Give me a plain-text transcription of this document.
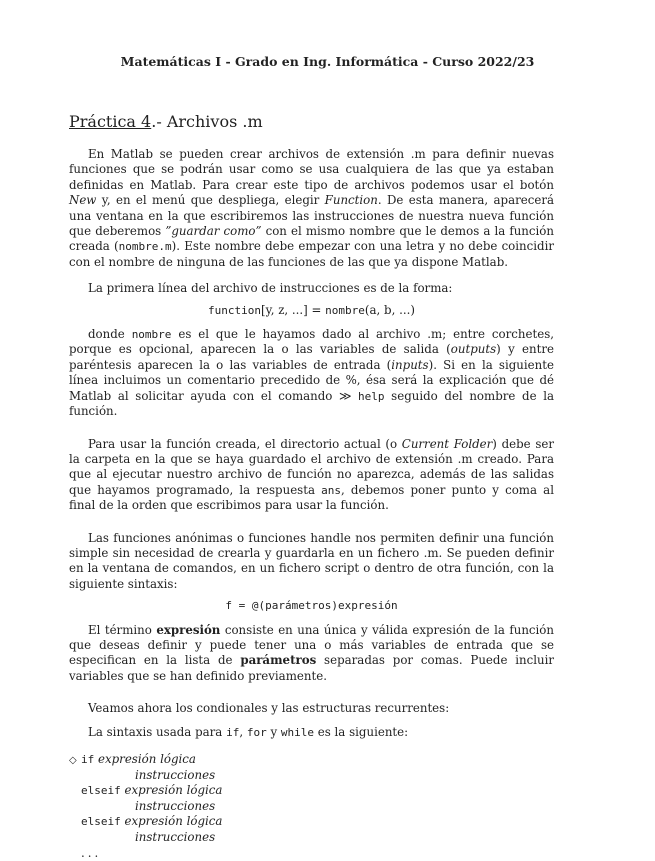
Matemáticas I - Grado en Ing. Informática - Curso 2022/23
Práctica 4.- Archivos .m

En Matlab se pueden crear archivos de extensión .m para definir nuevas funciones que se podrán usar como se usa cualquiera de las que ya estaban definidas en Matlab. Para crear este tipo de archivos podemos usar el botón New y, en el menú que despliega, elegir Function. De esta manera, aparecerá una ventana en la que escribiremos las instrucciones de nuestra nueva función que deberemos ”guardar como” con el mismo nombre que le demos a la función creada (nombre.m). Este nombre debe empezar con una letra y no debe coincidir con el nombre de ninguna de las funciones de las que ya dispone Matlab.

La primera línea del archivo de instrucciones es de la forma:

function[y, z, ...] = nombre(a, b, ...)

donde nombre es el que le hayamos dado al archivo .m; entre corchetes, porque es opcional, aparecen la o las variables de salida (outputs) y entre paréntesis aparecen la o las variables de entrada (inputs). Si en la siguiente línea incluimos un comentario precedido de %, ésa será la explicación que dé Matlab al solicitar ayuda con el comando ≫ help seguido del nombre de la función.

Para usar la función creada, el directorio actual (o Current Folder) debe ser la carpeta en la que se haya guardado el archivo de extensión .m creado. Para que al ejecutar nuestro archivo de función no aparezca, además de las salidas que hayamos programado, la respuesta ans, debemos poner punto y coma al final de la orden que escribimos para usar la función.

Las funciones anónimas o funciones handle nos permiten definir una función simple sin necesidad de crearla y guardarla en un fichero .m. Se pueden definir en la ventana de comandos, en un fichero script o dentro de otra función, con la siguiente sintaxis:

f = @(parámetros)expresión

El término expresión consiste en una única y válida expresión de la función que deseas definir y puede tener una o más variables de entrada que se especifican en la lista de parámetros separadas por comas. Puede incluir variables que se han definido previamente.

Veamos ahora los condionales y las estructuras recurrentes:

La sintaxis usada para if, for y while es la siguiente:

◇ if expresión lógica
instrucciones
elseif expresión lógica
instrucciones
elseif expresión lógica
instrucciones
...
